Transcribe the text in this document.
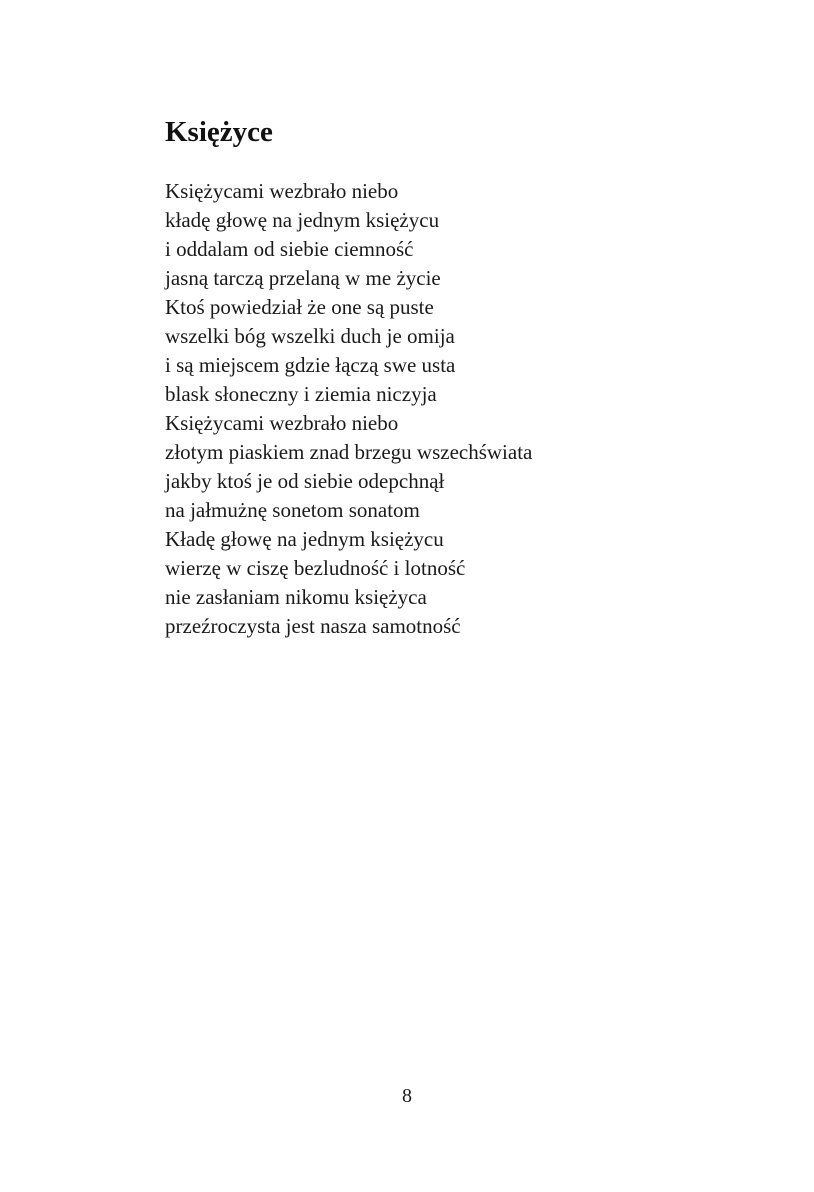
Księżyce
Księżycami wezbrało niebo
kładę głowę na jednym księżycu
i oddalam od siebie ciemność
jasną tarczą przelaną w me życie
Ktoś powiedział że one są puste
wszelki bóg wszelki duch je omija
i są miejscem gdzie łączą swe usta
blask słoneczny i ziemia niczyja
Księżycami wezbrało niebo
złotym piaskiem znad brzegu wszechświata
jakby ktoś je od siebie odepchnął
na jałmużnę sonetom sonatom
Kładę głowę na jednym księżycu
wierzę w ciszę bezludność i lotność
nie zasłaniam nikomu księżyca
przeźroczysta jest nasza samotność

8
